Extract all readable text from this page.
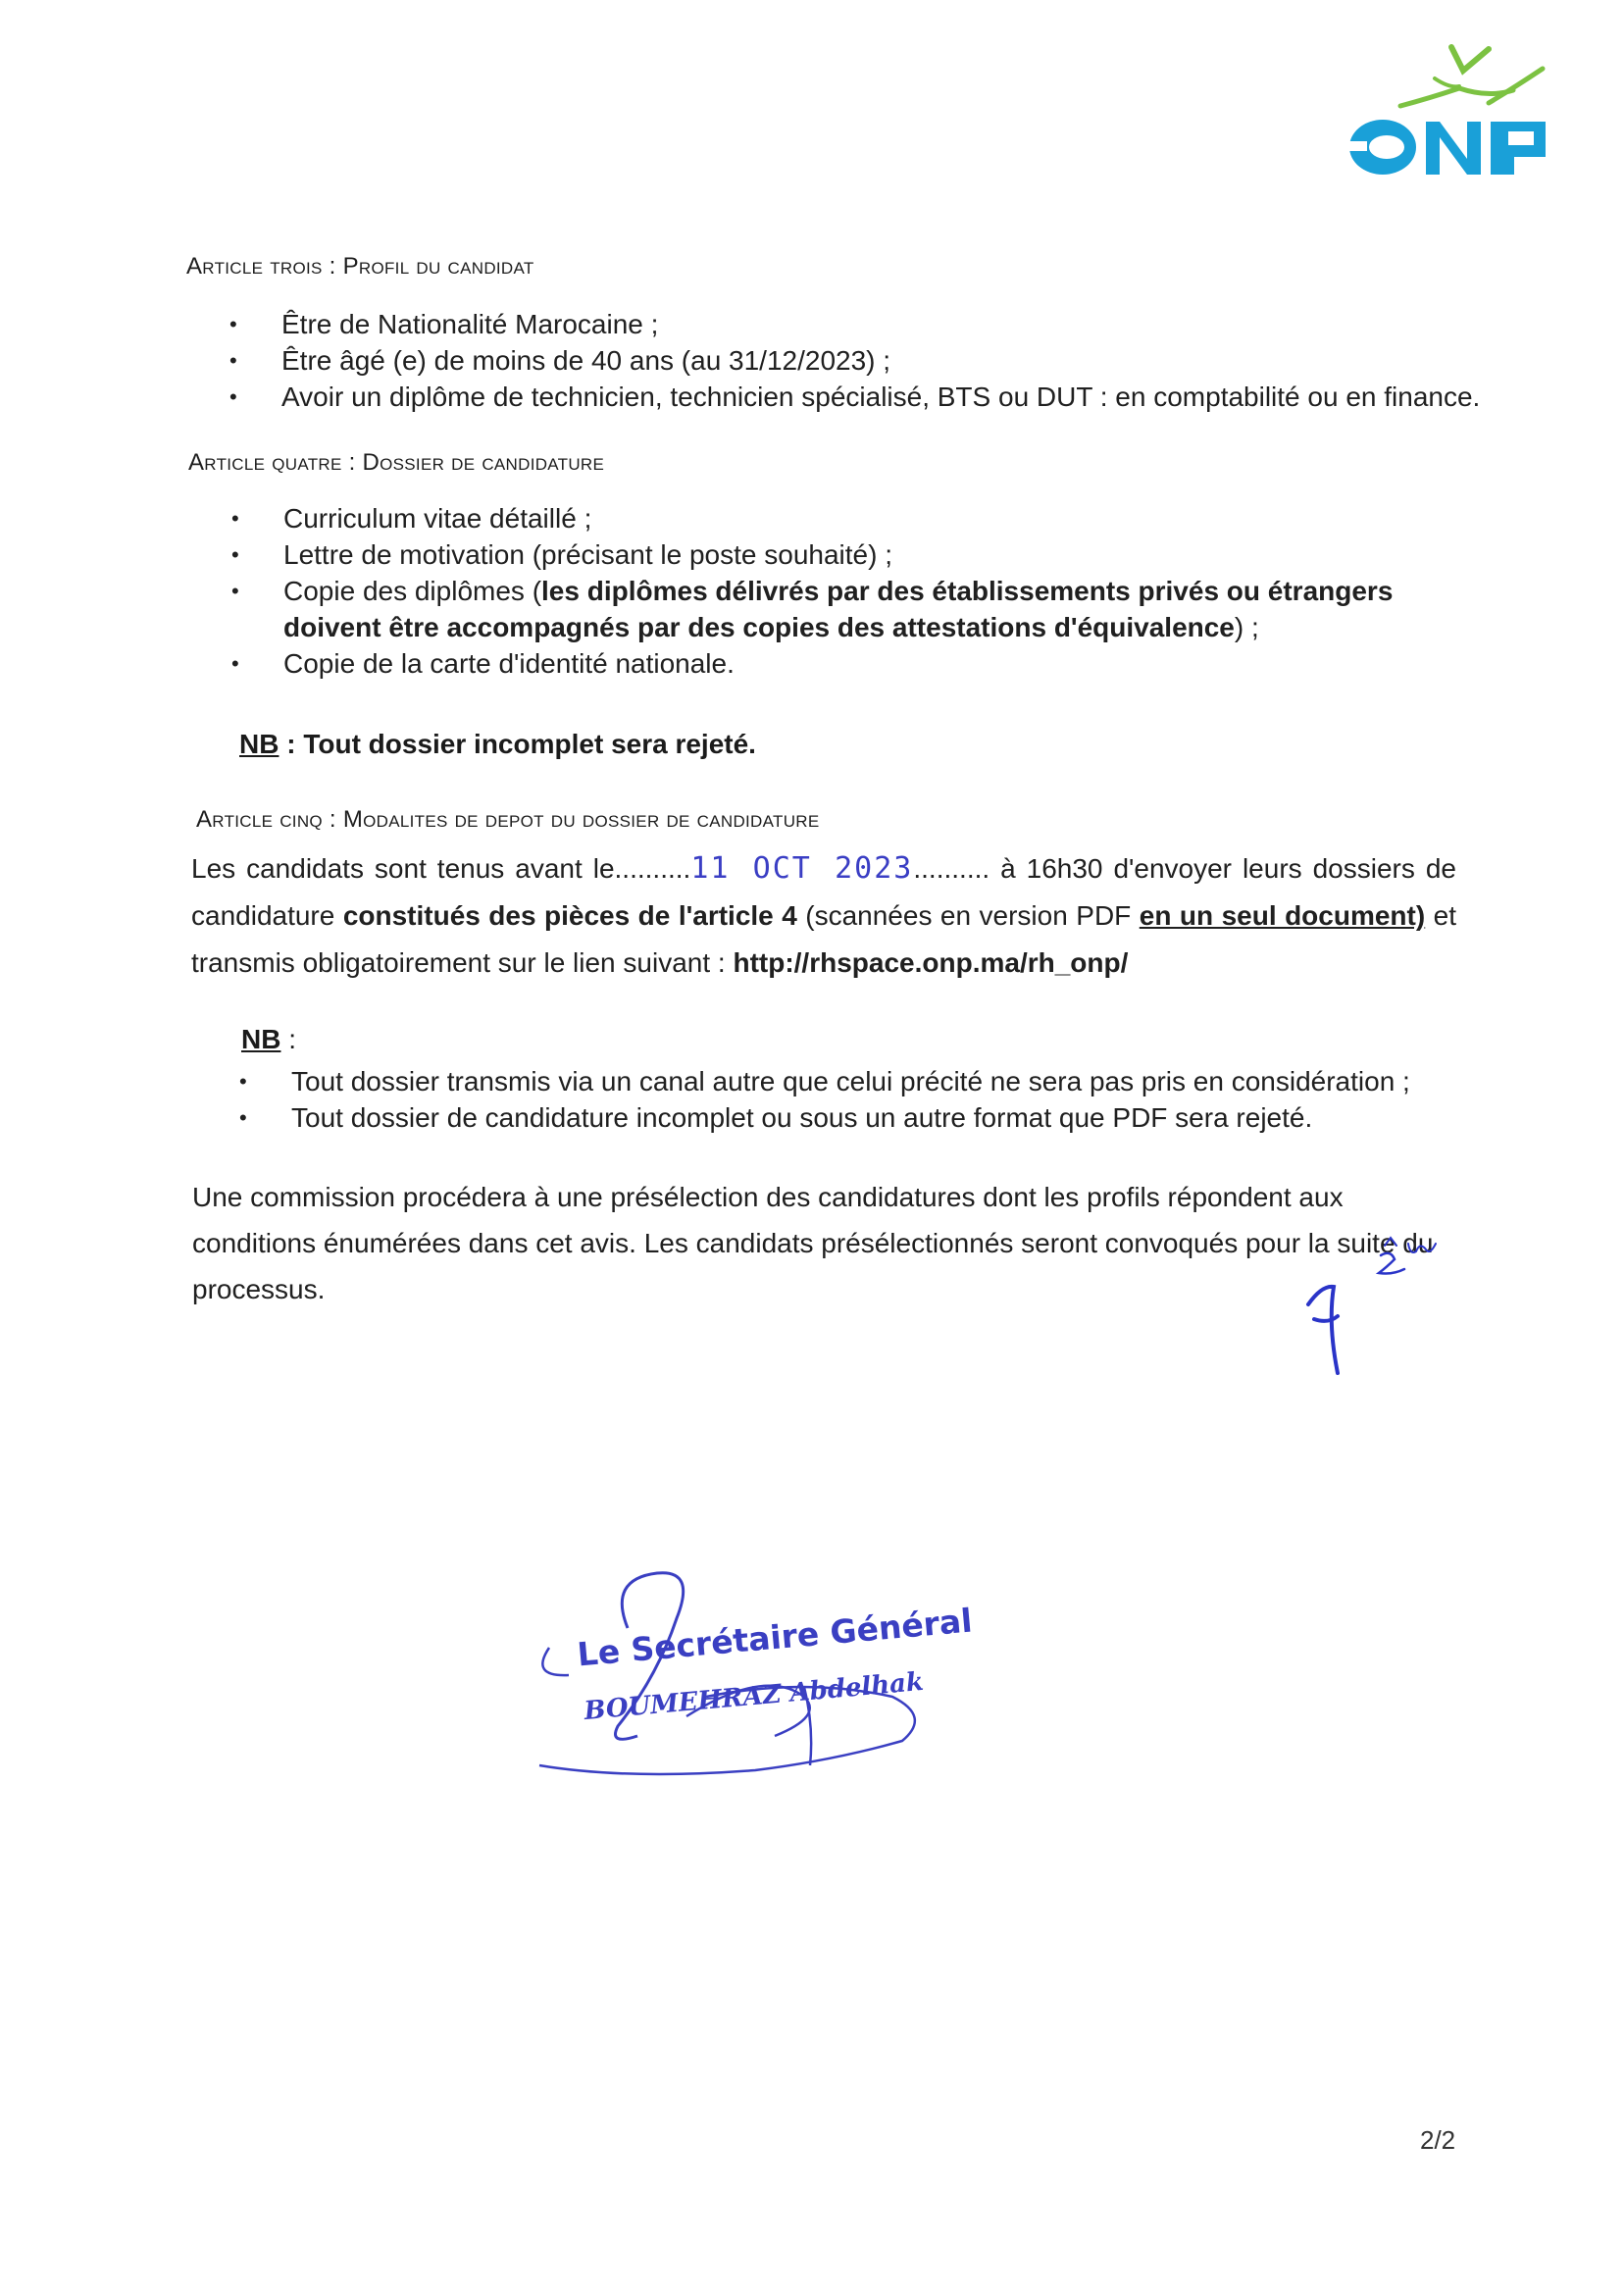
Article trois : Profil du candidat
• Être de Nationalité Marocaine ;
• Être âgé (e) de moins de 40 ans (au 31/12/2023) ;
• Avoir un diplôme de technicien, technicien spécialisé, BTS ou DUT : en comptabilité ou en finance.
Article quatre : Dossier de candidature
• Curriculum vitae détaillé ;
• Lettre de motivation (précisant le poste souhaité) ;
• Copie des diplômes (les diplômes délivrés par des établissements privés ou étrangers doivent être accompagnés par des copies des attestations d'équivalence) ;
• Copie de la carte d'identité nationale.
NB : Tout dossier incomplet sera rejeté.
Article cinq : Modalites de depot du dossier de candidature
Les candidats sont tenus avant le..........11 OCT 2023.......... à 16h30 d'envoyer leurs dossiers de candidature constitués des pièces de l'article 4 (scannées en version PDF en un seul document) et transmis obligatoirement sur le lien suivant : http://rhspace.onp.ma/rh_onp/
NB :
• Tout dossier transmis via un canal autre que celui précité ne sera pas pris en considération ;
• Tout dossier de candidature incomplet ou sous un autre format que PDF sera rejeté.
Une commission procédera à une présélection des candidatures dont les profils répondent aux conditions énumérées dans cet avis. Les candidats présélectionnés seront convoqués pour la suite du processus.
Le Secrétaire Général
BOUMEHRAZ Abdelhak
2/2
